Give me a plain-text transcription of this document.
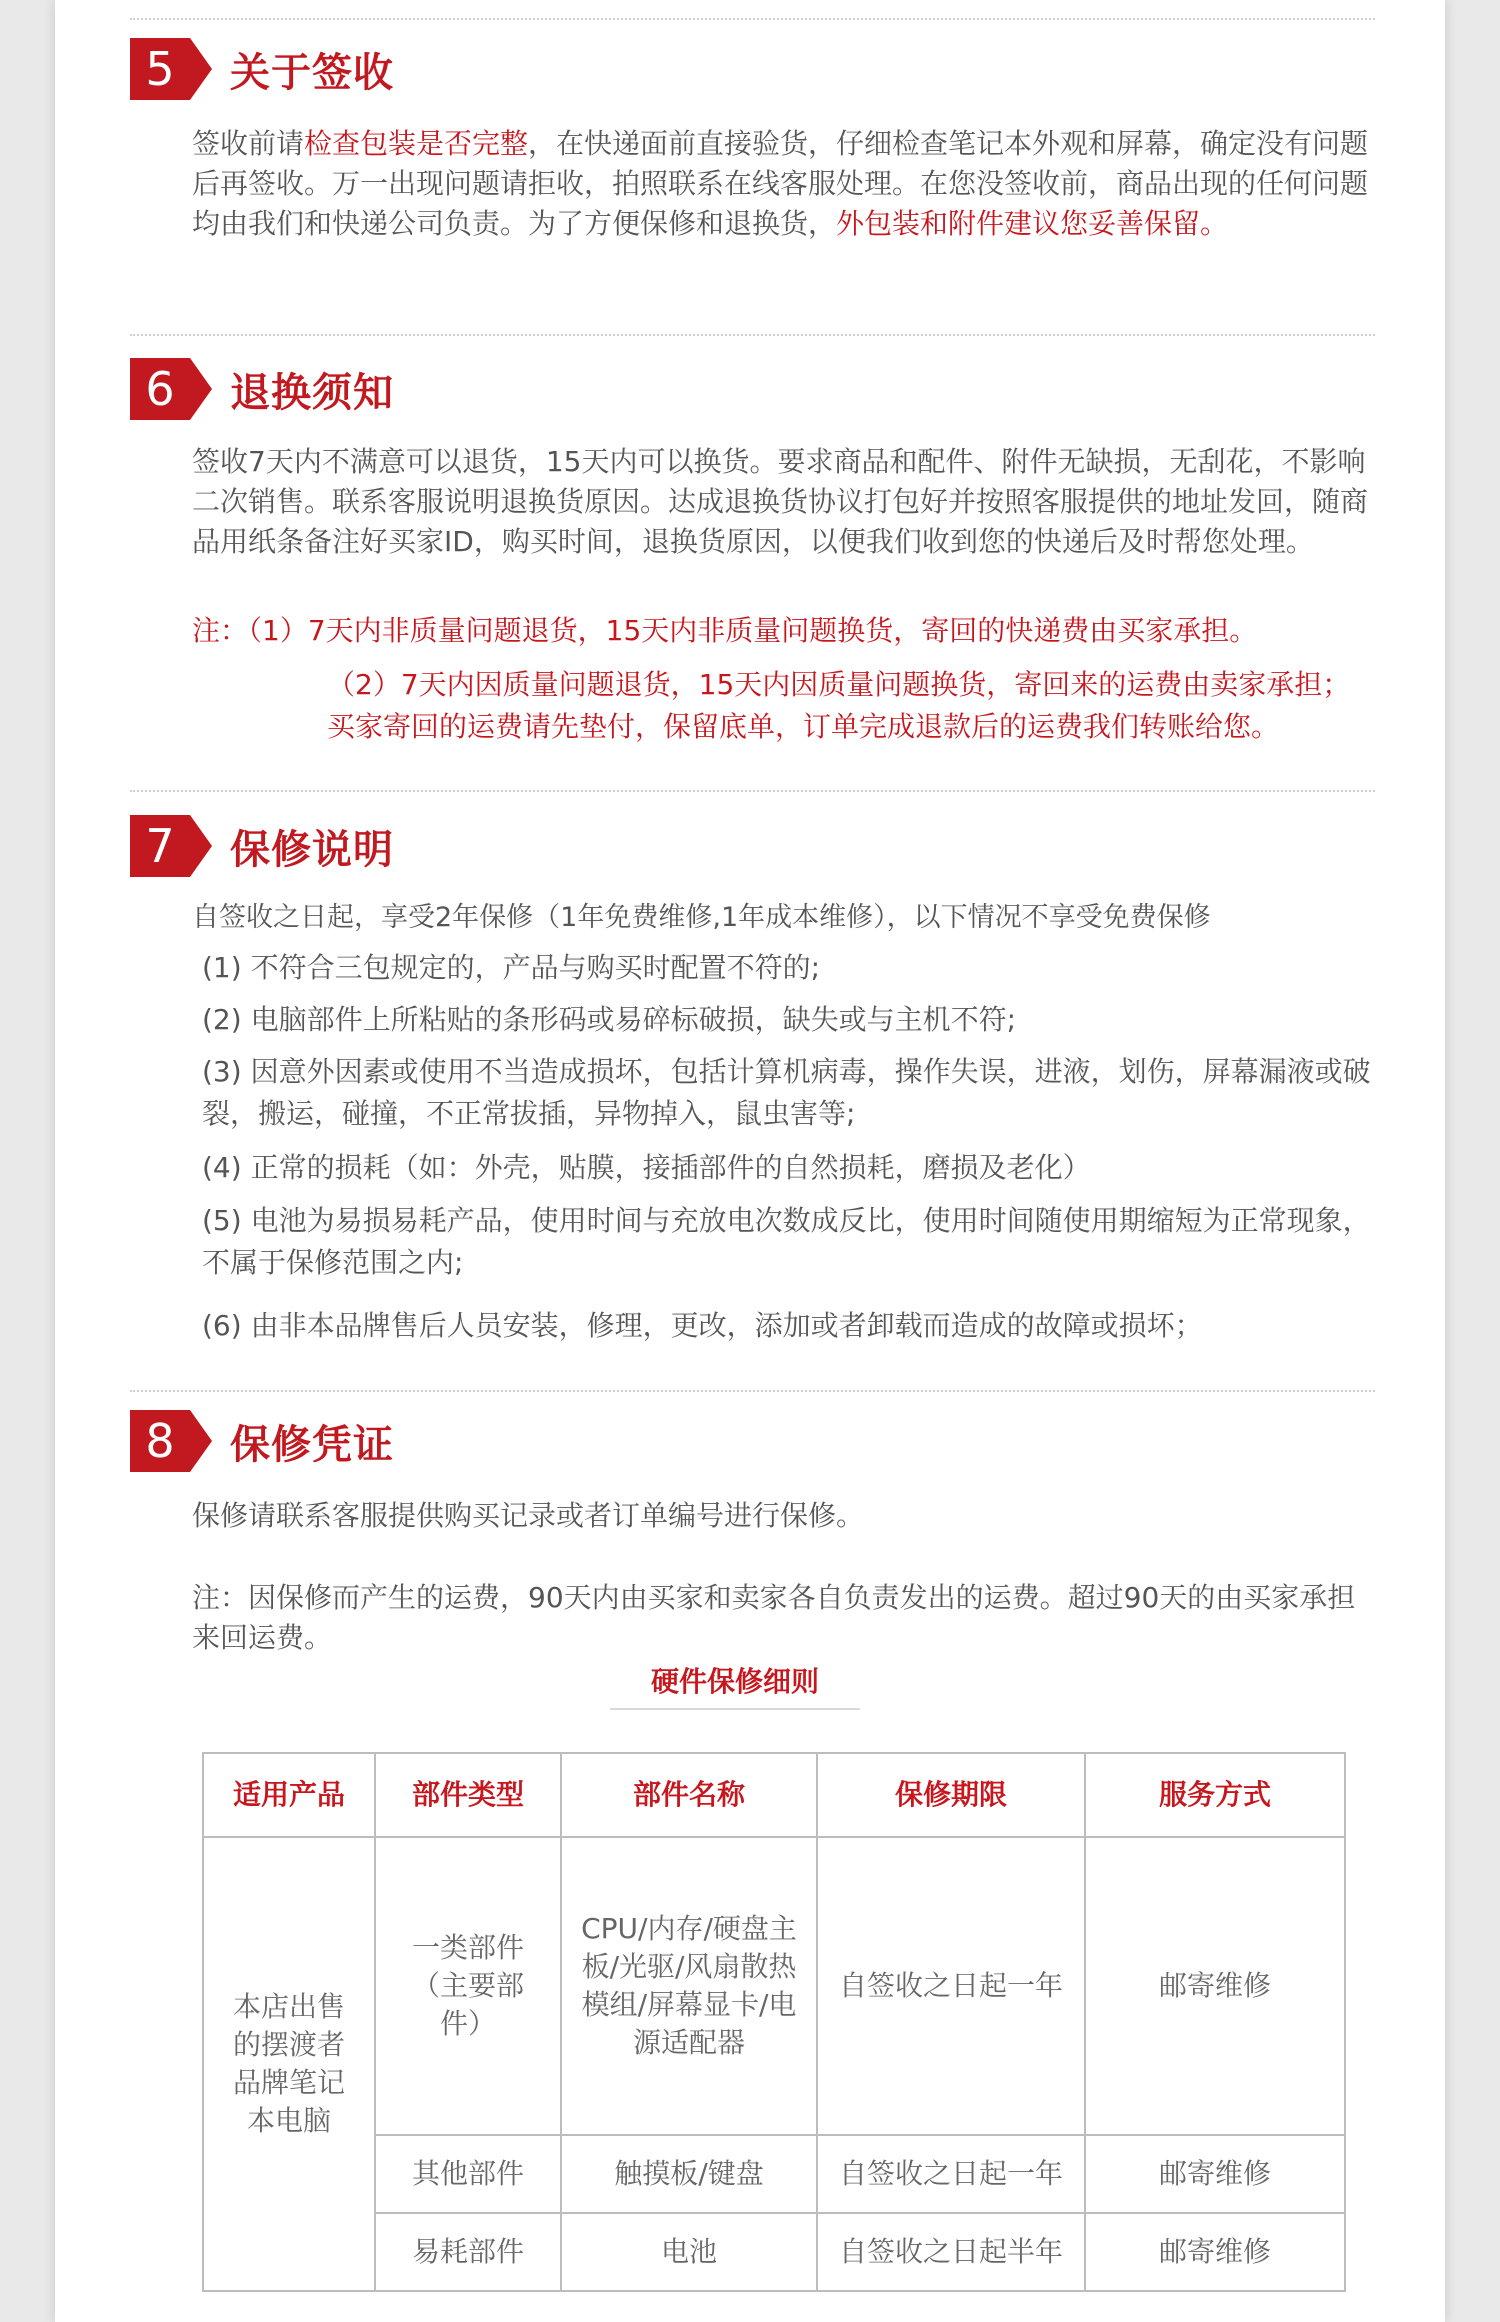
5	关于签收
签收前请检查包装是否完整，在快递面前直接验货，仔细检查笔记本外观和屏幕，确定没有问题后再签收。万一出现问题请拒收，拍照联系在线客服处理。在您没签收前，商品出现的任何问题均由我们和快递公司负责。为了方便保修和退换货，外包装和附件建议您妥善保留。
6	退换须知
签收7天内不满意可以退货，15天内可以换货。要求商品和配件、附件无缺损，无刮花，不影响二次销售。联系客服说明退换货原因。达成退换货协议打包好并按照客服提供的地址发回，随商品用纸条备注好买家ID，购买时间，退换货原因，以便我们收到您的快递后及时帮您处理。
注：（1）7天内非质量问题退货，15天内非质量问题换货，寄回的快递费由买家承担。
（2）7天内因质量问题退货，15天内因质量问题换货，寄回来的运费由卖家承担；买家寄回的运费请先垫付，保留底单，订单完成退款后的运费我们转账给您。
7	保修说明
自签收之日起，享受2年保修（1年免费维修,1年成本维修），以下情况不享受免费保修
(1) 不符合三包规定的，产品与购买时配置不符的;
(2) 电脑部件上所粘贴的条形码或易碎标破损，缺失或与主机不符;
(3) 因意外因素或使用不当造成损坏，包括计算机病毒，操作失误，进液，划伤，屏幕漏液或破裂，搬运，碰撞，不正常拔插，异物掉入，鼠虫害等;
(4) 正常的损耗（如：外壳，贴膜，接插部件的自然损耗，磨损及老化）
(5) 电池为易损易耗产品，使用时间与充放电次数成反比，使用时间随使用期缩短为正常现象，不属于保修范围之内;
(6) 由非本品牌售后人员安装，修理，更改，添加或者卸载而造成的故障或损坏；
8	保修凭证
保修请联系客服提供购买记录或者订单编号进行保修。
注：因保修而产生的运费，90天内由买家和卖家各自负责发出的运费。超过90天的由买家承担来回运费。
硬件保修细则
适用产品	部件类型	部件名称	保修期限	服务方式
本店出售的摆渡者品牌笔记本电脑	一类部件（主要部件）	CPU/内存/硬盘主板/光驱/风扇散热模组/屏幕显卡/电源适配器	自签收之日起一年	邮寄维修
	其他部件	触摸板/键盘	自签收之日起一年	邮寄维修
	易耗部件	电池	自签收之日起半年	邮寄维修
